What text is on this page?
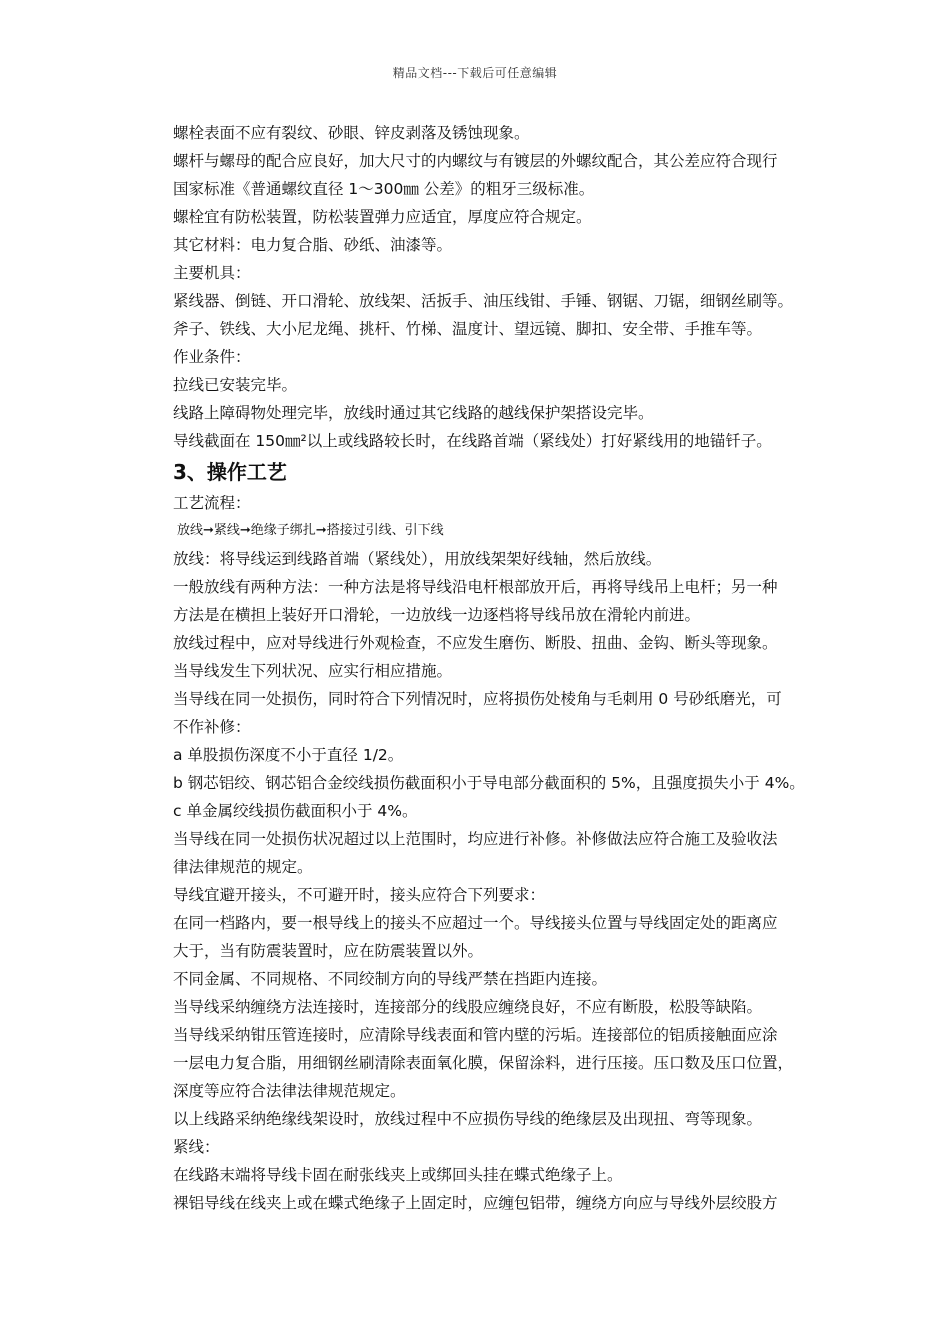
精品文档---下载后可任意编辑
螺栓表面不应有裂纹、砂眼、锌皮剥落及锈蚀现象。
螺杆与螺母的配合应良好，加大尺寸的内螺纹与有镀层的外螺纹配合，其公差应符合现行
国家标准《普通螺纹直径 1～300㎜ 公差》的粗牙三级标准。
螺栓宜有防松装置，防松装置弹力应适宜，厚度应符合规定。
其它材料：电力复合脂、砂纸、油漆等。
主要机具：
紧线器、倒链、开口滑轮、放线架、活扳手、油压线钳、手锤、钢锯、刀锯，细钢丝刷等。
斧子、铁线、大小尼龙绳、挑杆、竹梯、温度计、望远镜、脚扣、安全带、手推车等。
作业条件：
拉线已安装完毕。
线路上障碍物处理完毕，放线时通过其它线路的越线保护架搭设完毕。
导线截面在 150㎜²以上或线路较长时，在线路首端（紧线处）打好紧线用的地锚钎子。
3、操作工艺
工艺流程：
放线➞紧线➞绝缘子绑扎➞搭接过引线、引下线
放线：将导线运到线路首端（紧线处），用放线架架好线轴，然后放线。
一般放线有两种方法：一种方法是将导线沿电杆根部放开后，再将导线吊上电杆；另一种
方法是在横担上装好开口滑轮，一边放线一边逐档将导线吊放在滑轮内前进。
放线过程中，应对导线进行外观检查，不应发生磨伤、断股、扭曲、金钩、断头等现象。
当导线发生下列状况、应实行相应措施。
当导线在同一处损伤，同时符合下列情况时，应将损伤处棱角与毛刺用 0 号砂纸磨光，可
不作补修：
a 单股损伤深度不小于直径 1/2。
b 钢芯铝绞、钢芯铝合金绞线损伤截面积小于导电部分截面积的 5%，且强度损失小于 4%。
c 单金属绞线损伤截面积小于 4%。
当导线在同一处损伤状况超过以上范围时，均应进行补修。补修做法应符合施工及验收法
律法律规范的规定。
导线宜避开接头，不可避开时，接头应符合下列要求：
在同一档路内，要一根导线上的接头不应超过一个。导线接头位置与导线固定处的距离应
大于，当有防震装置时，应在防震装置以外。
不同金属、不同规格、不同绞制方向的导线严禁在挡距内连接。
当导线采纳缠绕方法连接时，连接部分的线股应缠绕良好，不应有断股，松股等缺陷。
当导线采纳钳压管连接时，应清除导线表面和管内壁的污垢。连接部位的铝质接触面应涂
一层电力复合脂，用细钢丝刷清除表面氧化膜，保留涂料，进行压接。压口数及压口位置，
深度等应符合法律法律规范规定。
以上线路采纳绝缘线架设时，放线过程中不应损伤导线的绝缘层及出现扭、弯等现象。
紧线：
在线路末端将导线卡固在耐张线夹上或绑回头挂在蝶式绝缘子上。
裸铝导线在线夹上或在蝶式绝缘子上固定时，应缠包铝带，缠绕方向应与导线外层绞股方
